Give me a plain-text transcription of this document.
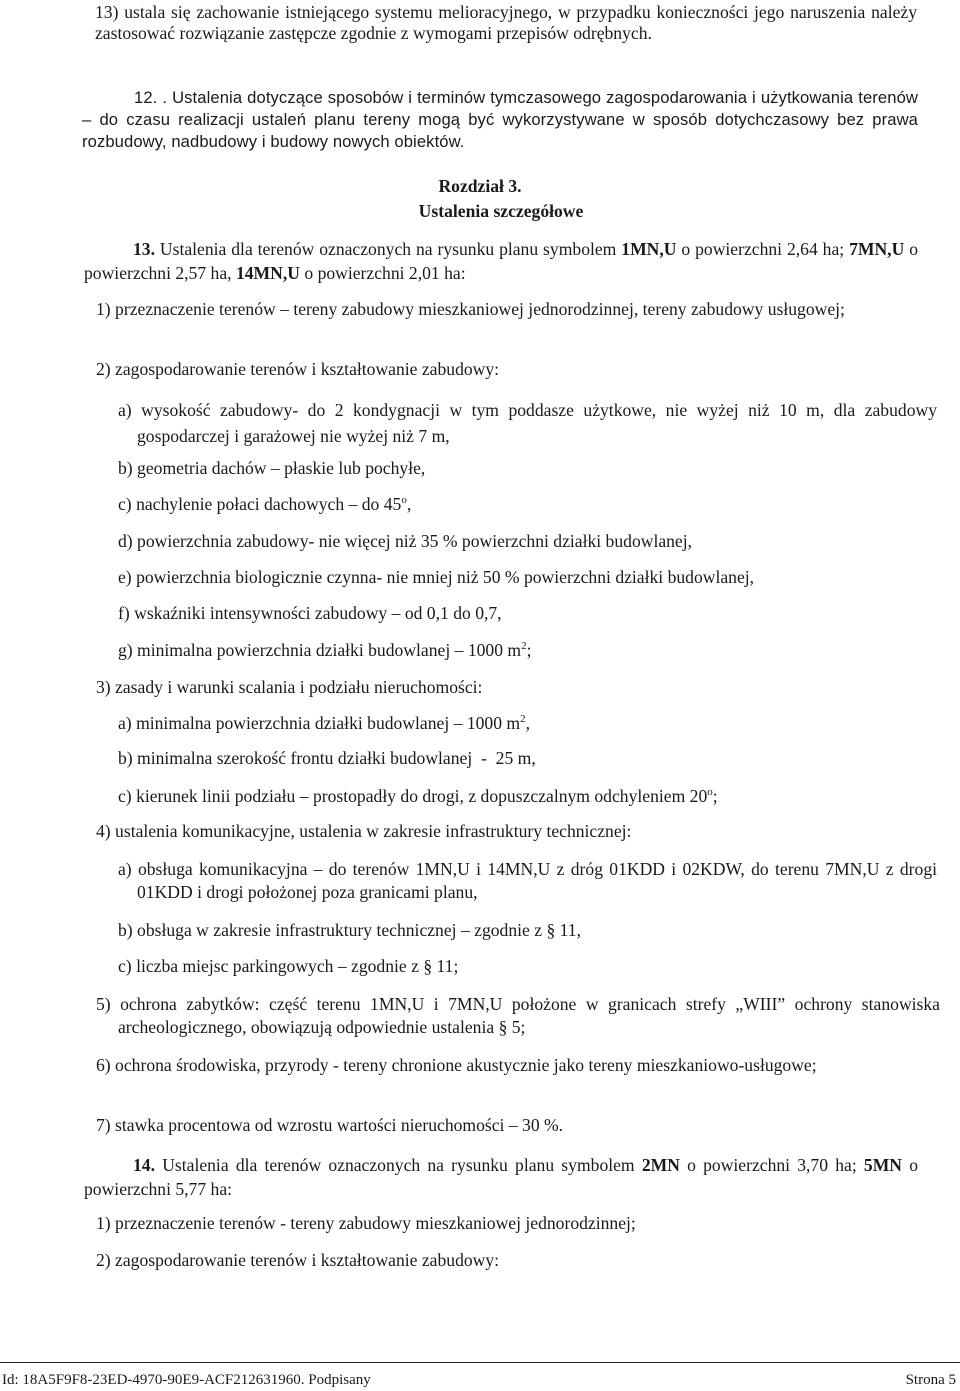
13) ustala się zachowanie istniejącego systemu melioracyjnego, w przypadku konieczności jego naruszenia należy zastosować rozwiązanie zastępcze zgodnie z wymogami przepisów odrębnych.

12. . Ustalenia dotyczące sposobów i terminów tymczasowego zagospodarowania i użytkowania terenów – do czasu realizacji ustaleń planu tereny mogą być wykorzystywane w sposób dotychczasowy bez prawa rozbudowy, nadbudowy i budowy nowych obiektów.

Rozdział 3.
Ustalenia szczegółowe

13. Ustalenia dla terenów oznaczonych na rysunku planu symbolem 1MN,U o powierzchni 2,64 ha; 7MN,U o powierzchni 2,57 ha, 14MN,U o powierzchni 2,01 ha:

1) przeznaczenie terenów – tereny zabudowy mieszkaniowej jednorodzinnej, tereny zabudowy usługowej;

2) zagospodarowanie terenów i kształtowanie zabudowy:

a) wysokość zabudowy- do 2 kondygnacji w tym poddasze użytkowe, nie wyżej niż 10 m, dla zabudowy gospodarczej i garażowej nie wyżej niż 7 m,

b) geometria dachów – płaskie lub pochyłe,

c) nachylenie połaci dachowych – do 45$^o$,

d) powierzchnia zabudowy- nie więcej niż 35 % powierzchni działki budowlanej,

e) powierzchnia biologicznie czynna- nie mniej niż 50 % powierzchni działki budowlanej,

f) wskaźniki intensywności zabudowy – od 0,1 do 0,7,

g) minimalna powierzchnia działki budowlanej – 1000 $m^2$;

3) zasady i warunki scalania i podziału nieruchomości:

a) minimalna powierzchnia działki budowlanej – 1000 $m^2$,

b) minimalna szerokość frontu działki budowlanej  -  25 m,

c) kierunek linii podziału – prostopadły do drogi, z dopuszczalnym odchyleniem 20$^o$;

4) ustalenia komunikacyjne, ustalenia w zakresie infrastruktury technicznej:

a) obsługa komunikacyjna – do terenów 1MN,U i 14MN,U z dróg 01KDD i 02KDW, do terenu 7MN,U z drogi 01KDD i drogi położonej poza granicami planu,

b) obsługa w zakresie infrastruktury technicznej – zgodnie z § 11,

c) liczba miejsc parkingowych – zgodnie z § 11;

5) ochrona zabytków: część terenu 1MN,U i 7MN,U położone w granicach strefy „WIII” ochrony stanowiska archeologicznego, obowiązują odpowiednie ustalenia § 5;

6) ochrona środowiska, przyrody - tereny chronione akustycznie jako tereny mieszkaniowo-usługowe;

7) stawka procentowa od wzrostu wartości nieruchomości – 30 %.

14. Ustalenia dla terenów oznaczonych na rysunku planu symbolem 2MN o powierzchni 3,70 ha; 5MN o powierzchni 5,77 ha:

1) przeznaczenie terenów - tereny zabudowy mieszkaniowej jednorodzinnej;

2) zagospodarowanie terenów i kształtowanie zabudowy:

Id: 18A5F9F8-23ED-4970-90E9-ACF212631960. Podpisany	Strona 5
